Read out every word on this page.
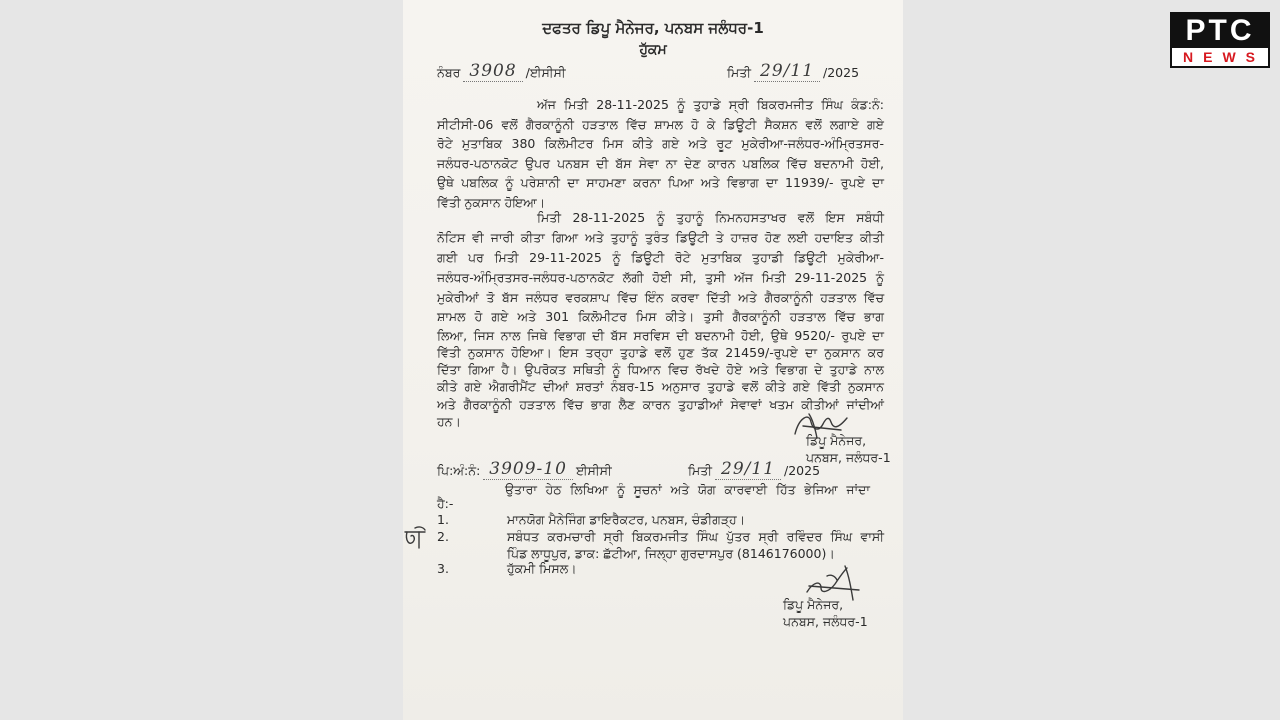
ਦਫਤਰ ਡਿਪੂ ਮੈਨੇਜਰ, ਪਨਬਸ ਜਲੰਧਰ-1
ਹੁੱਕਮ
ਨੰਬਰ 3908 /ਈਸੀਸੀ	ਮਿਤੀ 29/11 /2025
ਅੱਜ ਮਿਤੀ 28-11-2025 ਨੂੰ ਤੁਹਾਡੇ ਸ੍ਰੀ ਬਿਕਰਮਜੀਤ ਸਿੰਘ ਕੰਡ:ਨੰ:
ਸੀਟੀਸੀ-06 ਵਲੋਂ ਗੈਰਕਾਨੂੰਨੀ ਹੜਤਾਲ ਵਿੱਚ ਸ਼ਾਮਲ ਹੋ ਕੇ ਡਿਊਟੀ ਸੈਕਸ਼ਨ ਵਲੋਂ ਲਗਾਏ ਗਏ
ਰੋਟੇ ਮੁਤਾਬਿਕ 380 ਕਿਲੋਮੀਟਰ ਮਿਸ ਕੀਤੇ ਗਏ ਅਤੇ ਰੂਟ ਮੁਕੇਰੀਆ-ਜਲੰਧਰ-ਅੰਮ੍ਰਿਤਸਰ-
ਜਲੰਧਰ-ਪਠਾਨਕੋਟ ਉਪਰ ਪਨਬਸ ਦੀ ਬੱਸ ਸੇਵਾ ਨਾ ਦੇਣ ਕਾਰਨ ਪਬਲਿਕ ਵਿੱਚ ਬਦਨਾਮੀ ਹੋਈ,
ਉਥੇ ਪਬਲਿਕ ਨੂੰ ਪਰੇਸ਼ਾਨੀ ਦਾ ਸਾਹਮਣਾ ਕਰਨਾ ਪਿਆ ਅਤੇ ਵਿਭਾਗ ਦਾ 11939/- ਰੁਪਏ ਦਾ
ਵਿੱਤੀ ਨੁਕਸਾਨ ਹੋਇਆ।
ਮਿਤੀ 28-11-2025 ਨੂੰ ਤੁਹਾਨੂੰ ਨਿਮਨਹਸਤਾਖਰ ਵਲੋਂ ਇਸ ਸਬੰਧੀ
ਨੋਟਿਸ ਵੀ ਜਾਰੀ ਕੀਤਾ ਗਿਆ ਅਤੇ ਤੁਹਾਨੂੰ ਤੁਰੰਤ ਡਿਊਟੀ ਤੇ ਹਾਜ਼ਰ ਹੋਣ ਲਈ ਹਦਾਇਤ ਕੀਤੀ
ਗਈ ਪਰ ਮਿਤੀ 29-11-2025 ਨੂੰ ਡਿਊਟੀ ਰੋਟੇ ਮੁਤਾਬਿਕ ਤੁਹਾਡੀ ਡਿਊਟੀ ਮੁਕੇਰੀਆ-
ਜਲੰਧਰ-ਅੰਮ੍ਰਿਤਸਰ-ਜਲੰਧਰ-ਪਠਾਨਕੋਟ ਲੱਗੀ ਹੋਈ ਸੀ, ਤੁਸੀ ਅੱਜ ਮਿਤੀ 29-11-2025 ਨੂੰ
ਮੁਕੇਰੀਆਂ ਤੋ ਬੱਸ ਜਲੰਧਰ ਵਰਕਸ਼ਾਪ ਵਿੱਚ ਇੰਨ ਕਰਵਾ ਦਿੱਤੀ ਅਤੇ ਗੈਰਕਾਨੂੰਨੀ ਹੜਤਾਲ ਵਿੱਚ
ਸ਼ਾਮਲ ਹੋ ਗਏ ਅਤੇ 301 ਕਿਲੋਮੀਟਰ ਮਿਸ ਕੀਤੇ। ਤੁਸੀ ਗੈਰਕਾਨੂੰਨੀ ਹੜਤਾਲ ਵਿੱਚ ਭਾਗ
ਲਿਆ, ਜਿਸ ਨਾਲ ਜਿਥੇ ਵਿਭਾਗ ਦੀ ਬੱਸ ਸਰਵਿਸ ਦੀ ਬਦਨਾਮੀ ਹੋਈ, ਉਥੇ 9520/- ਰੁਪਏ ਦਾ
ਵਿੱਤੀ ਨੁਕਸਾਨ ਹੋਇਆ। ਇਸ ਤਰ੍ਹਾ ਤੁਹਾਡੇ ਵਲੋਂ ਹੁਣ ਤੱਕ 21459/-ਰੁਪਏ ਦਾ ਨੁਕਸਾਨ ਕਰ
ਦਿੱਤਾ ਗਿਆ ਹੈ। ਉਪਰੋਕਤ ਸਥਿਤੀ ਨੂੰ ਧਿਆਨ ਵਿਚ ਰੱਖਦੇ ਹੋਏ ਅਤੇ ਵਿਭਾਗ ਦੇ ਤੁਹਾਡੇ ਨਾਲ
ਕੀਤੇ ਗਏ ਐਗਰੀਮੈਂਟ ਦੀਆਂ ਸ਼ਰਤਾਂ ਨੰਬਰ-15 ਅਨੁਸਾਰ ਤੁਹਾਡੇ ਵਲੋਂ ਕੀਤੇ ਗਏ ਵਿੱਤੀ ਨੁਕਸਾਨ
ਅਤੇ ਗੈਰਕਾਨੂੰਨੀ ਹੜਤਾਲ ਵਿੱਚ ਭਾਗ ਲੈਣ ਕਾਰਨ ਤੁਹਾਡੀਆਂ ਸੇਵਾਵਾਂ ਖਤਮ ਕੀਤੀਆਂ ਜਾਂਦੀਆਂ
ਹਨ।
ਡਿਪੂ ਮੈਨੇਜਰ,
ਪਨਬਸ, ਜਲੰਧਰ-1
ਪਿ:ਅੰ:ਨੰ: 3909-10 ਈਸੀਸੀ	ਮਿਤੀ 29/11 /2025
ਉਤਾਰਾ ਹੇਠ ਲਿਖਿਆ ਨੂੰ ਸੂਚਨਾਂ ਅਤੇ ਯੋਗ ਕਾਰਵਾਈ ਹਿੱਤ ਭੇਜਿਆ ਜਾਂਦਾ
ਹੈ:-
1.	ਮਾਨਯੋਗ ਮੈਨੇਜਿੰਗ ਡਾਇਰੈਕਟਰ, ਪਨਬਸ, ਚੰਡੀਗੜ੍ਹ।
2.	ਸਬੰਧਤ ਕਰਮਚਾਰੀ ਸ੍ਰੀ ਬਿਕਰਮਜੀਤ ਸਿੰਘ ਪੁੱਤਰ ਸ੍ਰੀ ਰਵਿੰਦਰ ਸਿੰਘ ਵਾਸੀ
ਪਿੰਡ ਲਾਧੂਪੁਰ, ਡਾਕ: ਛੱਟੀਆ, ਜਿਲ੍ਹਾ ਗੁਰਦਾਸਪੁਰ (8146176000)।
3.	ਹੁੱਕਮੀ ਮਿਸਲ।
ਡਿਪੂ ਮੈਨੇਜਰ,
ਪਨਬਸ, ਜਲੰਧਰ-1
PTC
NEWS
